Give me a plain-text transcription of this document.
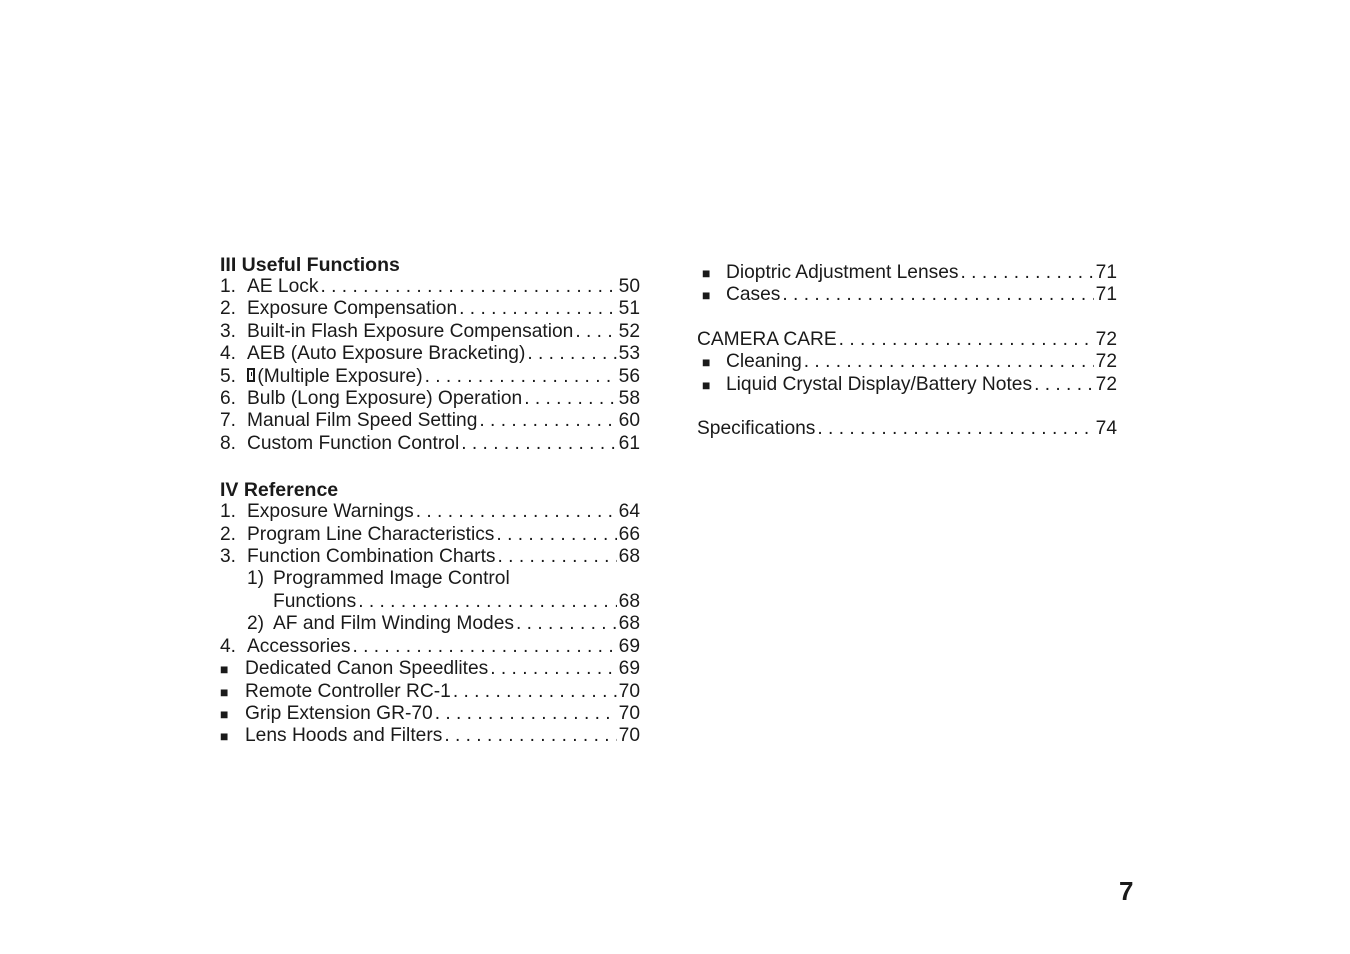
III Useful Functions
1. AE Lock . . .	50
2. Exposure Compensation . . .	51
3. Built-in Flash Exposure Compensation . . . 52
4. AEB (Auto Exposure Bracketing) . . .	53
5.	(Multiple Exposure) . . .	56
6. Bulb (Long Exposure) Operation . . .	58
7. Manual Film Speed Setting . . .	60
8. Custom Function Control . . .	61
IV Reference
1. Exposure Warnings . . .	64
2. Program Line Characteristics . . .	66
3. Function Combination Charts . . .	68
1) Programmed Image Control
Functions . . .	68
2) AF and Film Winding Modes . . .	68
4. Accessories . . .	69
■ Dedicated Canon Speedlites . . .	69
■ Remote Controller RC-1 . . .	70
■ Grip Extension GR-70 . . .	70
■ Lens Hoods and Filters . . .	70
■ Dioptric Adjustment Lenses . . .	71
■ Cases . . .	71
CAMERA CARE . . .	72
■ Cleaning . . .	72
■ Liquid Crystal Display/Battery Notes . . .	72
Specifications . . .	74
7
